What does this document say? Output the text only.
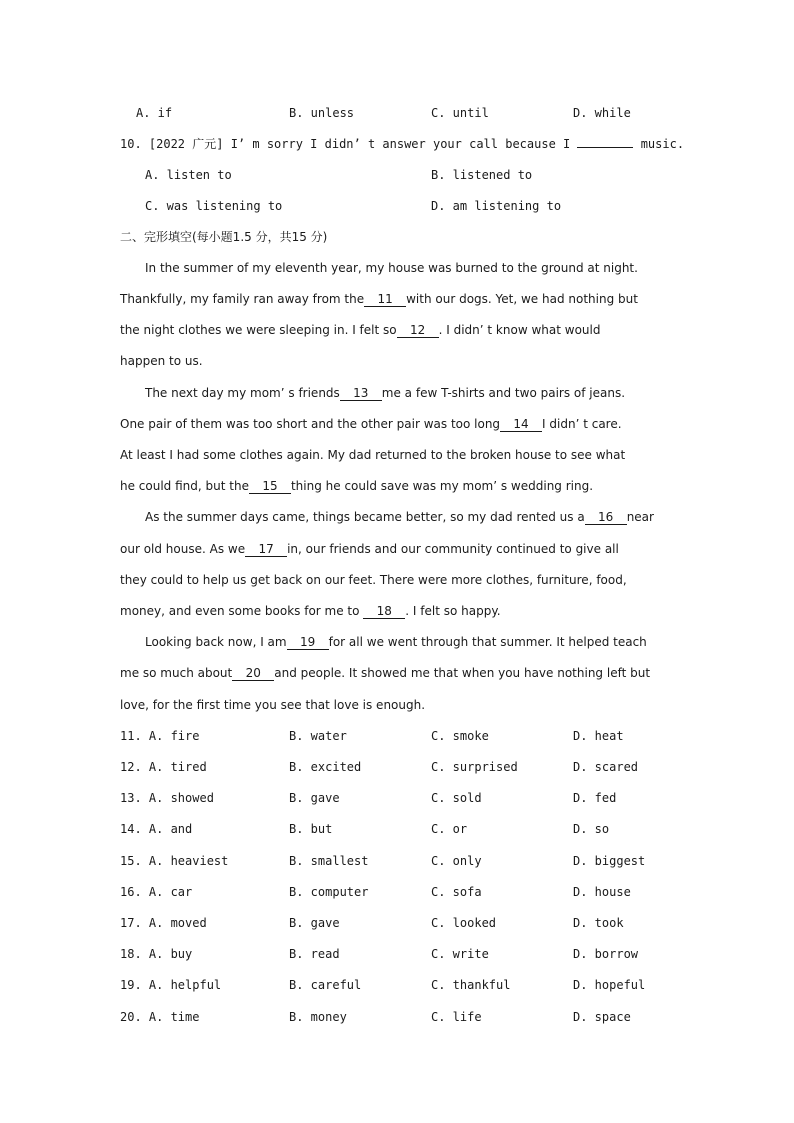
A. if	B. unless	C. until	D. while
10. [2022 广元] I’ m sorry I didn’ t answer your call because I	music.
A. listen to	B. listened to
C. was listening to	D. am listening to
二、完形填空(每小题1.5 分，共15 分)
In the summer of my eleventh year, my house was burned to the ground at night.
Thankfully, my family ran away from the 11 with our dogs. Yet, we had nothing but
the night clothes we were sleeping in. I felt so 12 . I didn’ t know what would
happen to us.
The next day my mom’ s friends 13 me a few T-shirts and two pairs of jeans.
One pair of them was too short and the other pair was too long 14 I didn’ t care.
At least I had some clothes again. My dad returned to the broken house to see what
he could find, but the 15 thing he could save was my mom’ s wedding ring.
As the summer days came, things became better, so my dad rented us a 16 near
our old house. As we 17 in, our friends and our community continued to give all
they could to help us get back on our feet. There were more clothes, furniture, food,
money, and even some books for me to 18 . I felt so happy.
Looking back now, I am 19 for all we went through that summer. It helped teach
me so much about 20 and people. It showed me that when you have nothing left but
love, for the first time you see that love is enough.
11. A. fire	B. water	C. smoke	D. heat
12. A. tired	B. excited	C. surprised	D. scared
13. A. showed	B. gave	C. sold	D. fed
14. A. and	B. but	C. or	D. so
15. A. heaviest	B. smallest	C. only	D. biggest
16. A. car	B. computer	C. sofa	D. house
17. A. moved	B. gave	C. looked	D. took
18. A. buy	B. read	C. write	D. borrow
19. A. helpful	B. careful	C. thankful	D. hopeful
20. A. time	B. money	C. life	D. space
